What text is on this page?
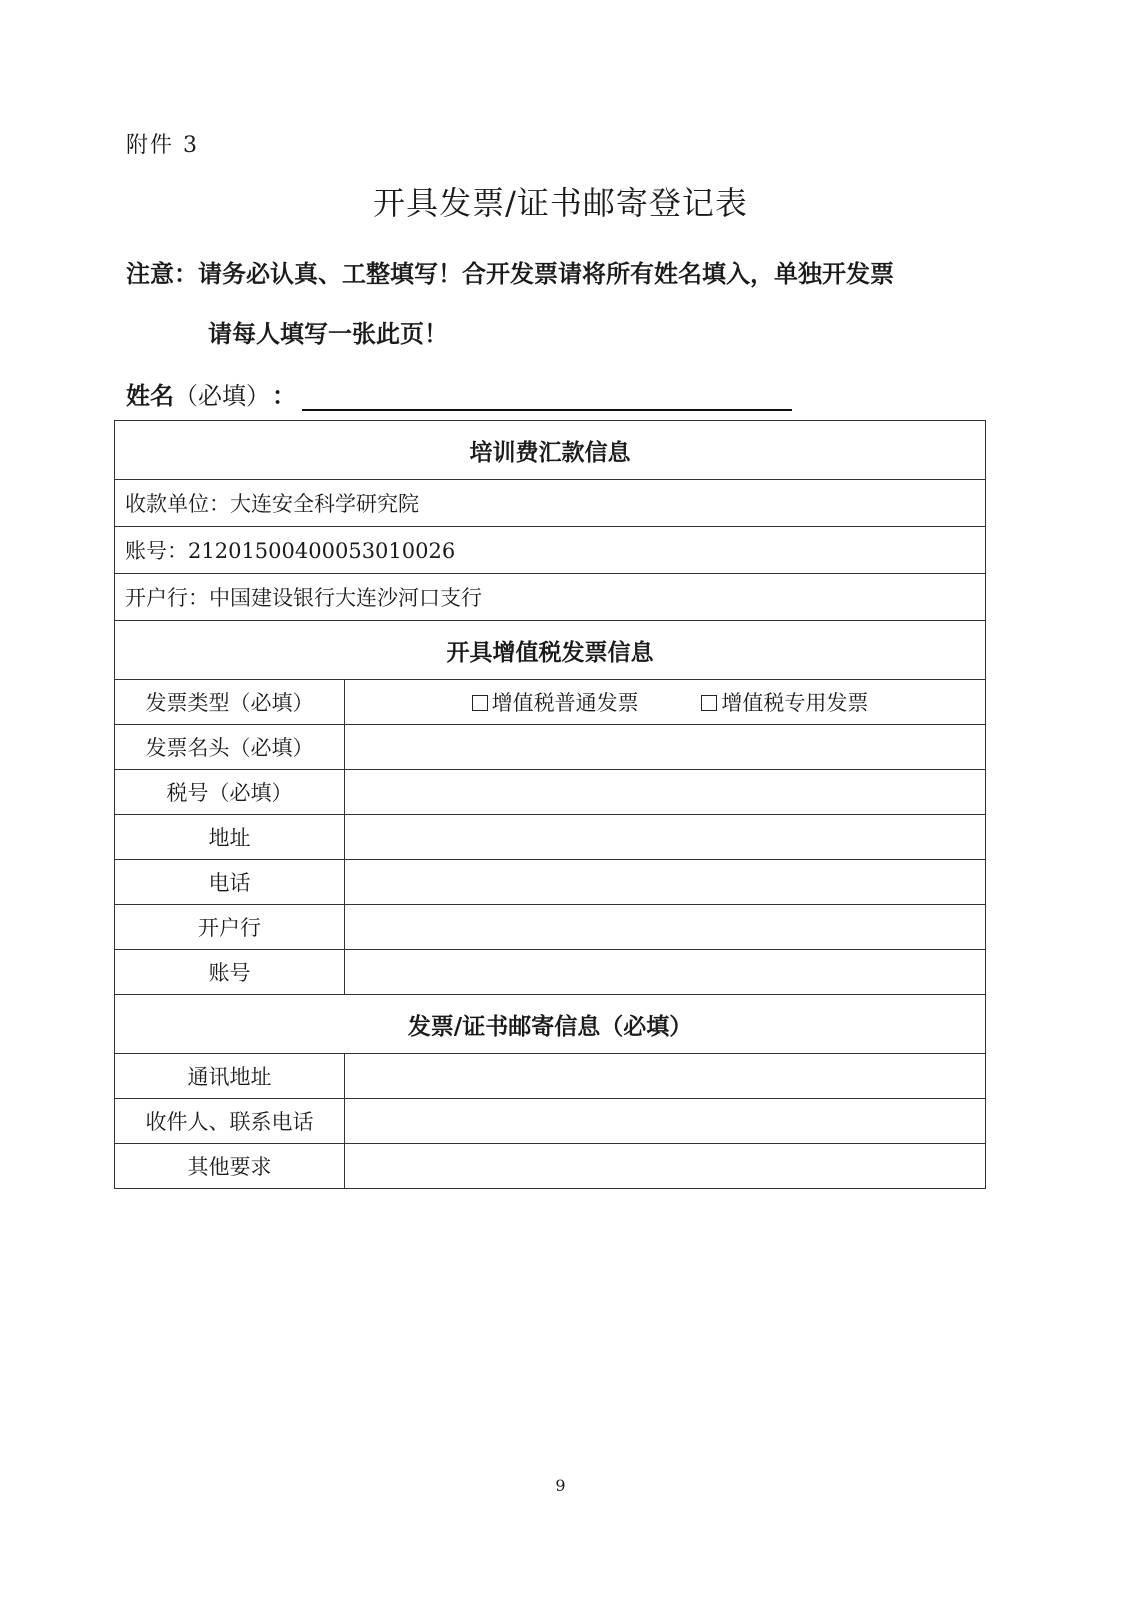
附件 3
开具发票/证书邮寄登记表
注意：请务必认真、工整填写！合开发票请将所有姓名填入，单独开发票
请每人填写一张此页！
姓名 （必填） ：
培训费汇款信息	
收款单位：大连安全科学研究院	
账号：21201500400053010026	
开户行：中国建设银行大连沙河口支行	
开具增值税发票信息	
发票类型（必填）	增值税普通发票 增值税专用发票
发票名头（必填）	
税号（必填）	
地址	
电话	
开户行	
账号	
发票/证书邮寄信息（必填）	
通讯地址	
收件人、联系电话	
其他要求	
9
